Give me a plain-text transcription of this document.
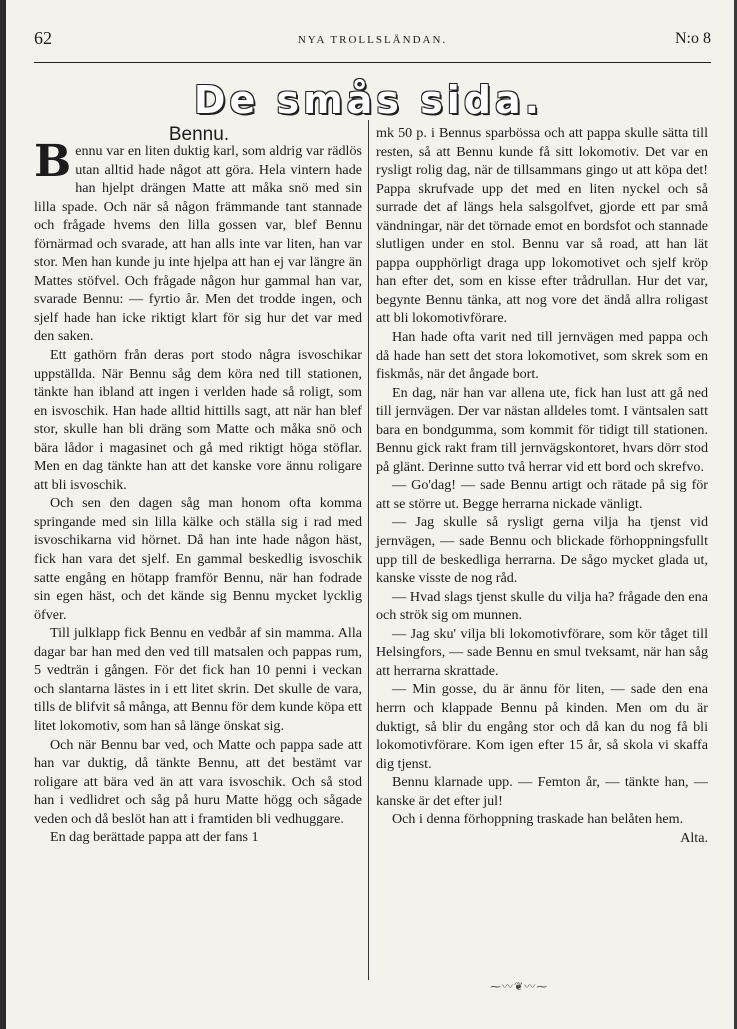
62	NYA TROLLSLÄNDAN.	N:o 8
De smås sida.
Bennu.

Bennu var en liten duktig karl, som aldrig var rädlös utan alltid hade något att göra. Hela vintern hade han hjelpt drängen Matte att måka snö med sin lilla spade. Och när så någon främmande tant stannade och frågade hvems den lilla gossen var, blef Bennu förnärmad och svarade, att han alls inte var liten, han var stor. Men han kunde ju inte hjelpa att han ej var längre än Mattes stöfvel. Och frågade någon hur gammal han var, svarade Bennu: — fyrtio år. Men det trodde ingen, och sjelf hade han icke riktigt klart för sig hur det var med den saken.

Ett gathörn från deras port stodo några isvoschikar uppställda. När Bennu såg dem köra ned till stationen, tänkte han ibland att ingen i verlden hade så roligt, som en isvoschik. Han hade alltid hittills sagt, att när han blef stor, skulle han bli dräng som Matte och måka snö och bära lådor i magasinet och gå med riktigt höga stöflar. Men en dag tänkte han att det kanske vore ännu roligare att bli isvoschik.

Och sen den dagen såg man honom ofta komma springande med sin lilla kälke och ställa sig i rad med isvoschikarna vid hörnet. Då han inte hade någon häst, fick han vara det sjelf. En gammal beskedlig isvoschik satte engång en hötapp framför Bennu, när han fodrade sin egen häst, och det kände sig Bennu mycket lycklig öfver.

Till julklapp fick Bennu en vedbår af sin mamma. Alla dagar bar han med den ved till matsalen och pappas rum, 5 vedträn i gången. För det fick han 10 penni i veckan och slantarna lästes in i ett litet skrin. Det skulle de vara, tills de blifvit så många, att Bennu för dem kunde köpa ett litet lokomotiv, som han så länge önskat sig.

Och när Bennu bar ved, och Matte och pappa sade att han var duktig, då tänkte Bennu, att det bestämt var roligare att bära ved än att vara isvoschik. Och så stod han i vedlidret och såg på huru Matte högg och sågade veden och då beslöt han att i framtiden bli vedhuggare.

En dag berättade pappa att der fans 1

mk 50 p. i Bennus sparbössa och att pappa skulle sätta till resten, så att Bennu kunde få sitt lokomotiv. Det var en rysligt rolig dag, när de tillsammans gingo ut att köpa det! Pappa skrufvade upp det med en liten nyckel och så surrade det af längs hela salsgolfvet, gjorde ett par små vändningar, när det törnade emot en bordsfot och stannade slutligen under en stol. Bennu var så road, att han lät pappa oupphörligt draga upp lokomotivet och sjelf kröp han efter det, som en kisse efter trådrullan. Hur det var, begynte Bennu tänka, att nog vore det ändå allra roligast att bli lokomotivförare.

Han hade ofta varit ned till jernvägen med pappa och då hade han sett det stora lokomotivet, som skrek som en fiskmås, när det ångade bort.

En dag, när han var allena ute, fick han lust att gå ned till jernvägen. Der var nästan alldeles tomt. I väntsalen satt bara en bondgumma, som kommit för tidigt till stationen. Bennu gick rakt fram till jernvägskontoret, hvars dörr stod på glänt. Derinne sutto två herrar vid ett bord och skrefvo.

— Go'dag! — sade Bennu artigt och rätade på sig för att se större ut. Begge herrarna nickade vänligt.

— Jag skulle så rysligt gerna vilja ha tjenst vid jernvägen, — sade Bennu och blickade förhoppningsfullt upp till de beskedliga herrarna. De sågo mycket glada ut, kanske visste de nog råd.

— Hvad slags tjenst skulle du vilja ha? frågade den ena och strök sig om munnen.

— Jag sku' vilja bli lokomotivförare, som kör tåget till Helsingfors, — sade Bennu en smul tveksamt, när han såg att herrarna skrattade.

— Min gosse, du är ännu för liten, — sade den ena herrn och klappade Bennu på kinden. Men om du är duktigt, så blir du engång stor och då kan du nog få bli lokomotivförare. Kom igen efter 15 år, så skola vi skaffa dig tjenst.

Bennu klarnade upp. — Femton år, — tänkte han, — kanske är det efter jul!

Och i denna förhoppning traskade han belåten hem.

Alta.

⁓〰❦〰⁓
